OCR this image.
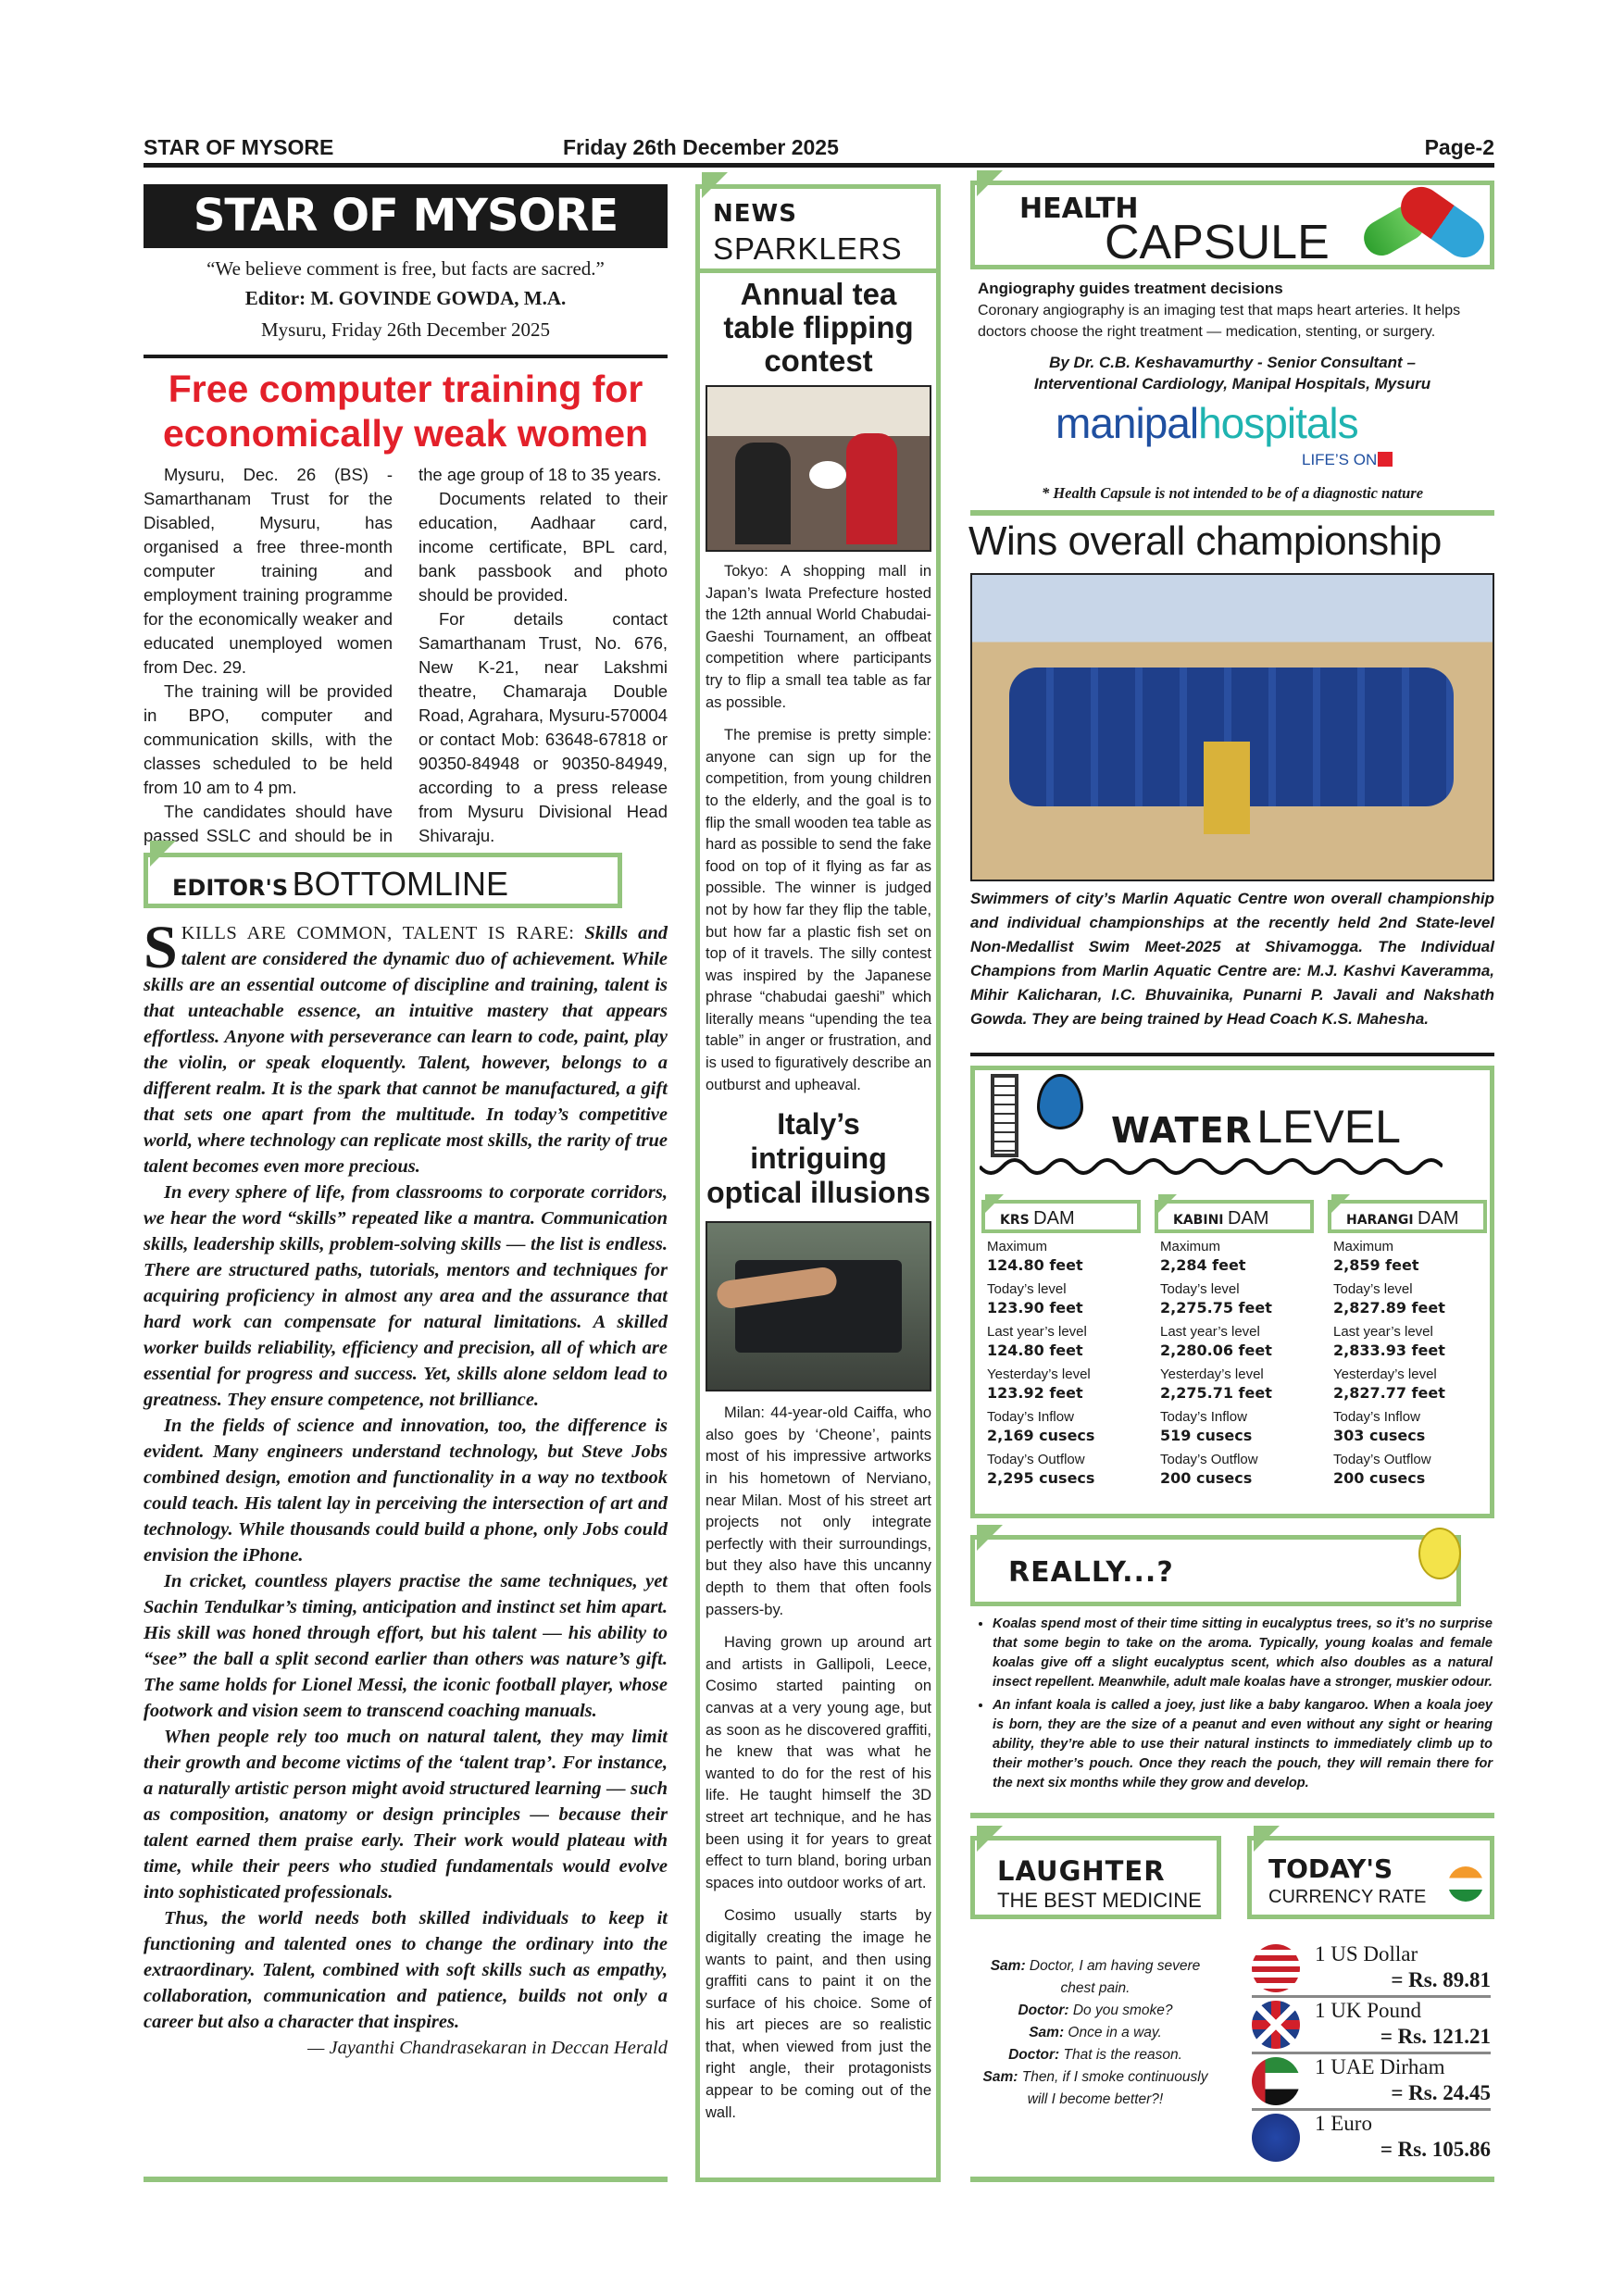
STAR OF MYSORE	Friday 26th December 2025	Page-2
STAR OF MYSORE
“We believe comment is free, but facts are sacred.”
Editor: M. GOVINDE GOWDA, M.A.
Mysuru, Friday 26th December 2025
Free computer training for
economically weak women

Mysuru, Dec. 26 (BS) - Samarthanam Trust for the Disabled, Mysuru, has organised a free three-month computer training and employment training programme for the economically weaker and educated unemployed women from Dec. 29.

The training will be provided in BPO, computer and communication skills, with the classes scheduled to be held from 10 am to 4 pm.

The candidates should have passed SSLC and should be in the age group of 18 to 35 years.

Documents related to their education, Aadhaar card, income certificate, BPL card, bank passbook and photo should be provided.

For details contact Samarthanam Trust, No. 676, New K-21, near Lakshmi theatre, Chamaraja Double Road, Agrahara, Mysuru-570004 or contact Mob: 63648-67818 or 90350-84948 or 90350-84949, according to a press release from Mysuru Divisional Head Shivaraju.

EDITOR'S BOTTOMLINE

SKILLS ARE COMMON, TALENT IS RARE: Skills and talent are considered the dynamic duo of achievement. While skills are an essential outcome of discipline and training, talent is that unteachable essence, an intuitive mastery that appears effortless. Anyone with perseverance can learn to code, paint, play the violin, or speak eloquently. Talent, however, belongs to a different realm. It is the spark that cannot be manufactured, a gift that sets one apart from the multitude. In today’s competitive world, where technology can replicate most skills, the rarity of true talent becomes even more precious.

In every sphere of life, from classrooms to corporate corridors, we hear the word “skills” repeated like a mantra. Communication skills, leadership skills, problem-solving skills — the list is endless. There are structured paths, tutorials, mentors and techniques for acquiring proficiency in almost any area and the assurance that hard work can compensate for natural limitations. A skilled worker builds reliability, efficiency and precision, all of which are essential for progress and success. Yet, skills alone seldom lead to greatness. They ensure competence, not brilliance.

In the fields of science and innovation, too, the difference is evident. Many engineers understand technology, but Steve Jobs combined design, emotion and functionality in a way no textbook could teach. His talent lay in perceiving the intersection of art and technology. While thousands could build a phone, only Jobs could envision the iPhone.

In cricket, countless players practise the same techniques, yet Sachin Tendulkar’s timing, anticipation and instinct set him apart. His skill was honed through effort, but his talent — his ability to “see” the ball a split second earlier than others was nature’s gift. The same holds for Lionel Messi, the iconic football player, whose footwork and vision seem to transcend coaching manuals.

When people rely too much on natural talent, they may limit their growth and become victims of the ‘talent trap’. For instance, a naturally artistic person might avoid structured learning — such as composition, anatomy or design principles — because their talent earned them praise early. Their work would plateau with time, while their peers who studied fundamentals would evolve into sophisticated professionals.

Thus, the world needs both skilled individuals to keep it functioning and talented ones to change the ordinary into the extraordinary. Talent, combined with soft skills such as empathy, collaboration, communication and patience, builds not only a career but also a character that inspires.

— Jayanthi Chandrasekaran in Deccan Herald
NEWS
SPARKLERS
Annual tea table flipping contest

Tokyo: A shopping mall in Japan’s Iwata Prefecture hosted the 12th annual World Chabudai-Gaeshi Tournament, an offbeat competition where participants try to flip a small tea table as far as possible.

The premise is pretty simple: anyone can sign up for the competition, from young children to the elderly, and the goal is to flip the small wooden tea table as hard as possible to send the fake food on top of it flying as far as possible. The winner is judged not by how far they flip the table, but how far a plastic fish set on top of it travels. The silly contest was inspired by the Japanese phrase “chabudai gaeshi” which literally means “upending the tea table” in anger or frustration, and is used to figuratively describe an outburst and upheaval.

Italy’s intriguing optical illusions

Milan: 44-year-old Caiffa, who also goes by ‘Cheone’, paints most of his impressive artworks in his hometown of Nerviano, near Milan. Most of his street art projects not only integrate perfectly with their surroundings, but they also have this uncanny depth to them that often fools passers-by.

Having grown up around art and artists in Gallipoli, Leece, Cosimo started painting on canvas at a very young age, but as soon as he discovered graffiti, he knew that was what he wanted to do for the rest of his life. He taught himself the 3D street art technique, and he has been using it for years to great effect to turn bland, boring urban spaces into outdoor works of art.

Cosimo usually starts by digitally creating the image he wants to paint, and then using graffiti cans to paint it on the surface of his choice. Some of his art pieces are so realistic that, when viewed from just the right angle, their protagonists appear to be coming out of the wall.

HEALTH
CAPSULE
Angiography guides treatment decisions
Coronary angiography is an imaging test that maps heart arteries. It helps doctors choose the right treatment — medication, stenting, or surgery.
By Dr. C.B. Keshavamurthy - Senior Consultant –
Interventional Cardiology, Manipal Hospitals, Mysuru
manipalhospitals
LIFE’S ON
* Health Capsule is not intended to be of a diagnostic nature
Wins overall championship

Swimmers of city’s Marlin Aquatic Centre won overall championship and individual championships at the recently held 2nd State-level Non-Medallist Swim Meet-2025 at Shivamogga. The Individual Champions from Marlin Aquatic Centre are: M.J. Kashvi Kaveramma, Mihir Kalicharan, I.C. Bhuvainika, Punarni P. Javali and Nakshath Gowda. They are being trained by Head Coach K.S. Mahesha.

WATER LEVEL
KRS DAM
Maximum
124.80 feet
Today’s level
123.90 feet
Last year’s level
124.80 feet
Yesterday’s level
123.92 feet
Today’s Inflow
2,169 cusecs
Today’s Outflow
2,295 cusecs
KABINI DAM
Maximum
2,284 feet
Today’s level
2,275.75 feet
Last year’s level
2,280.06 feet
Yesterday’s level
2,275.71 feet
Today’s Inflow
519 cusecs
Today’s Outflow
200 cusecs
HARANGI DAM
Maximum
2,859 feet
Today’s level
2,827.89 feet
Last year’s level
2,833.93 feet
Yesterday’s level
2,827.77 feet
Today’s Inflow
303 cusecs
Today’s Outflow
200 cusecs
REALLY...?
• Koalas spend most of their time sitting in eucalyptus trees, so it’s no surprise that some begin to take on the aroma. Typically, young koalas and female koalas give off a slight eucalyptus scent, which also doubles as a natural insect repellent. Meanwhile, adult male koalas have a stronger, muskier odour.
• An infant koala is called a joey, just like a baby kangaroo. When a koala joey is born, they are the size of a peanut and even without any sight or hearing ability, they’re able to use their natural instincts to immediately climb up to their mother’s pouch. Once they reach the pouch, they will remain there for the next six months while they grow and develop.
LAUGHTER
THE BEST MEDICINE
Sam: Doctor, I am having severe chest pain.
Doctor: Do you smoke?
Sam: Once in a way.
Doctor: That is the reason.
Sam: Then, if I smoke continuously will I become better?!
TODAY'S
CURRENCY RATE
1 US Dollar
= Rs. 89.81
1 UK Pound
= Rs. 121.21
1 UAE Dirham
= Rs. 24.45
1 Euro
= Rs. 105.86
